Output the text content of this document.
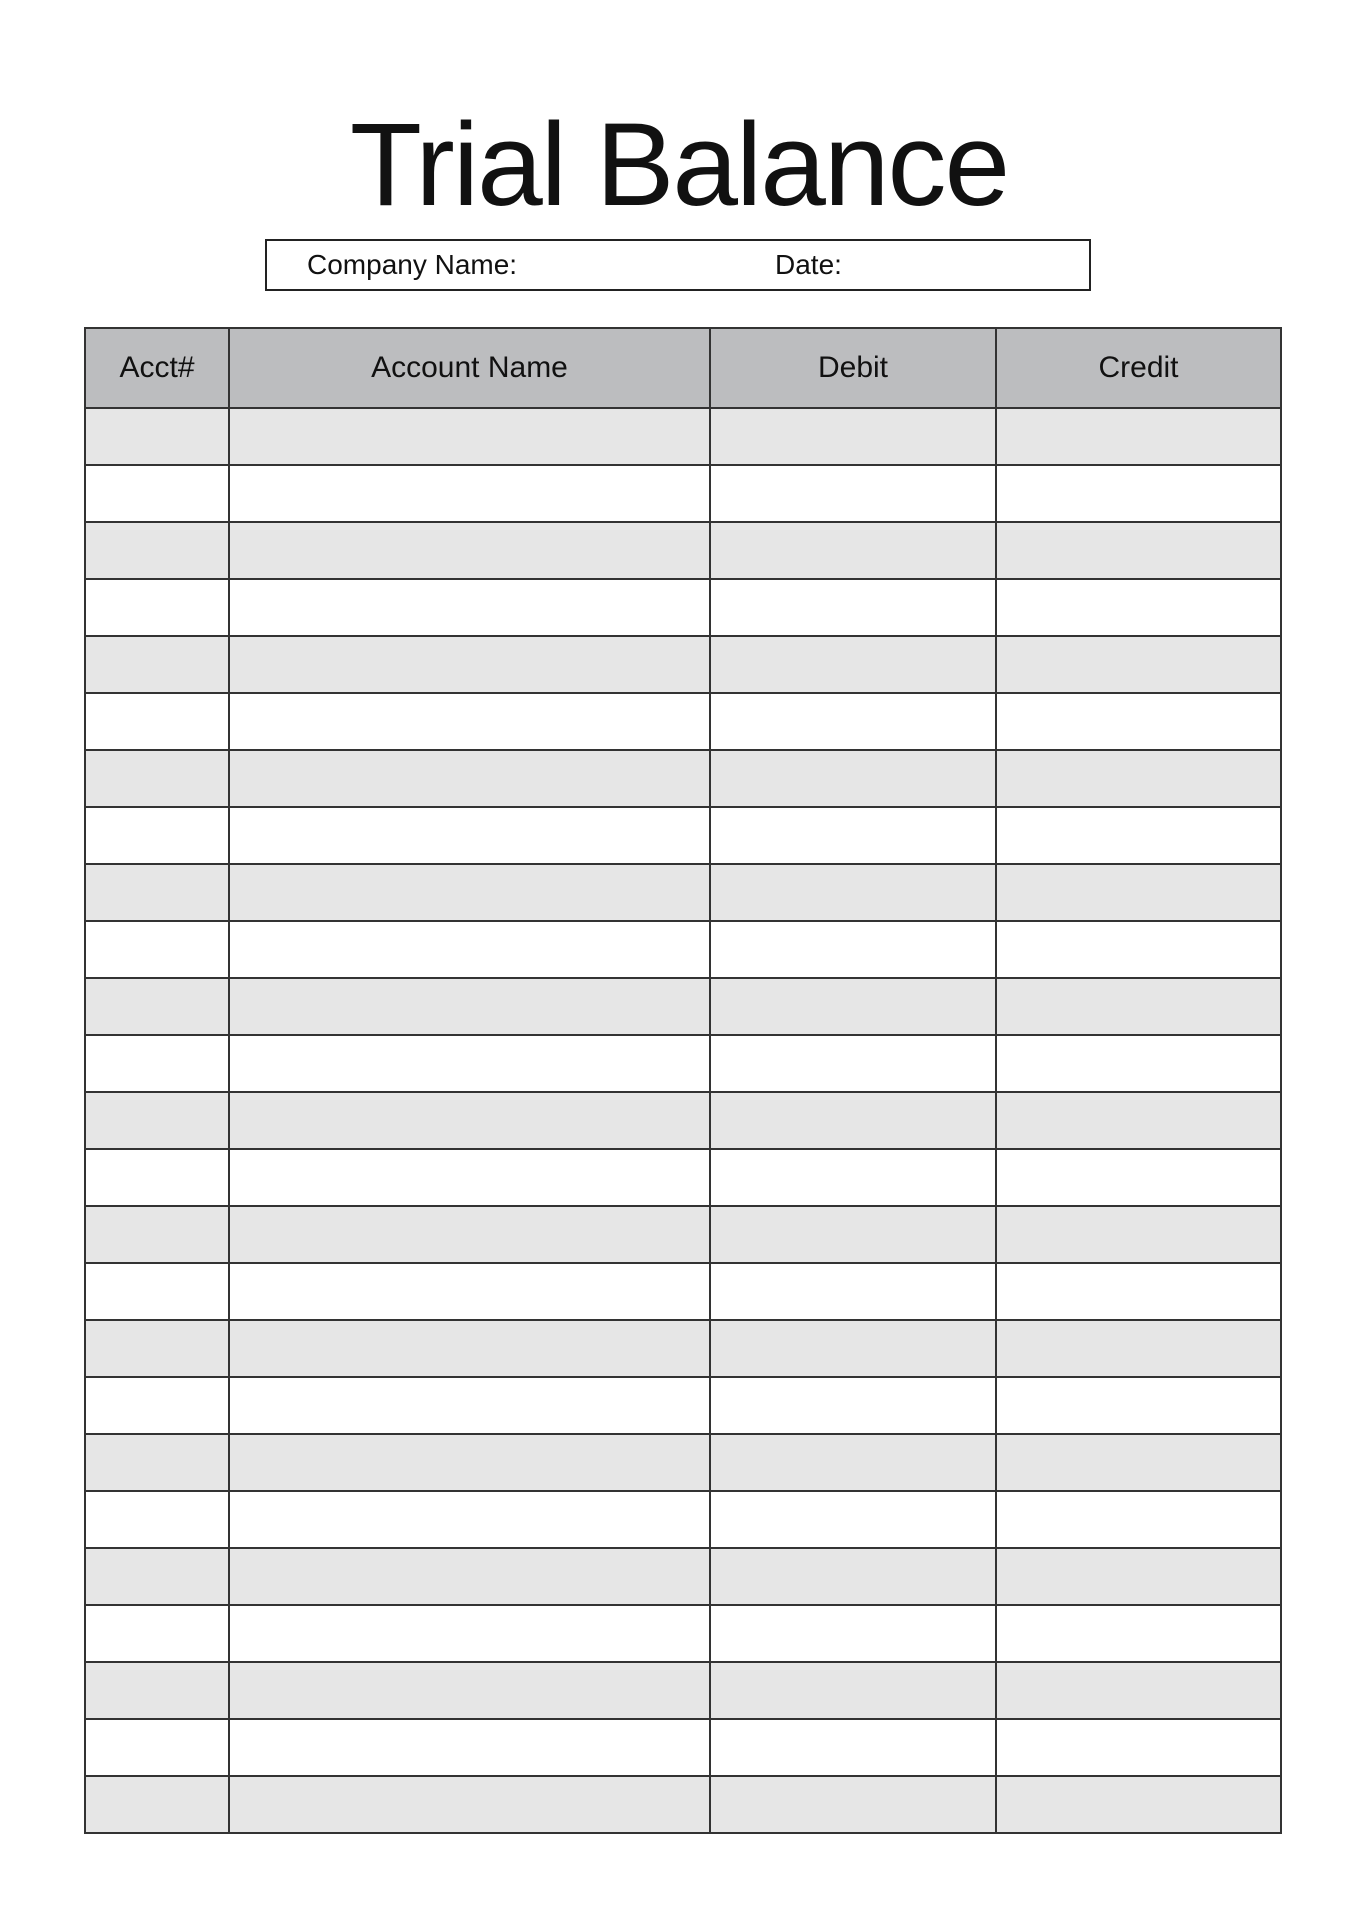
Trial Balance
Company Name:	Date:
Acct#	Account Name	Debit	Credit
